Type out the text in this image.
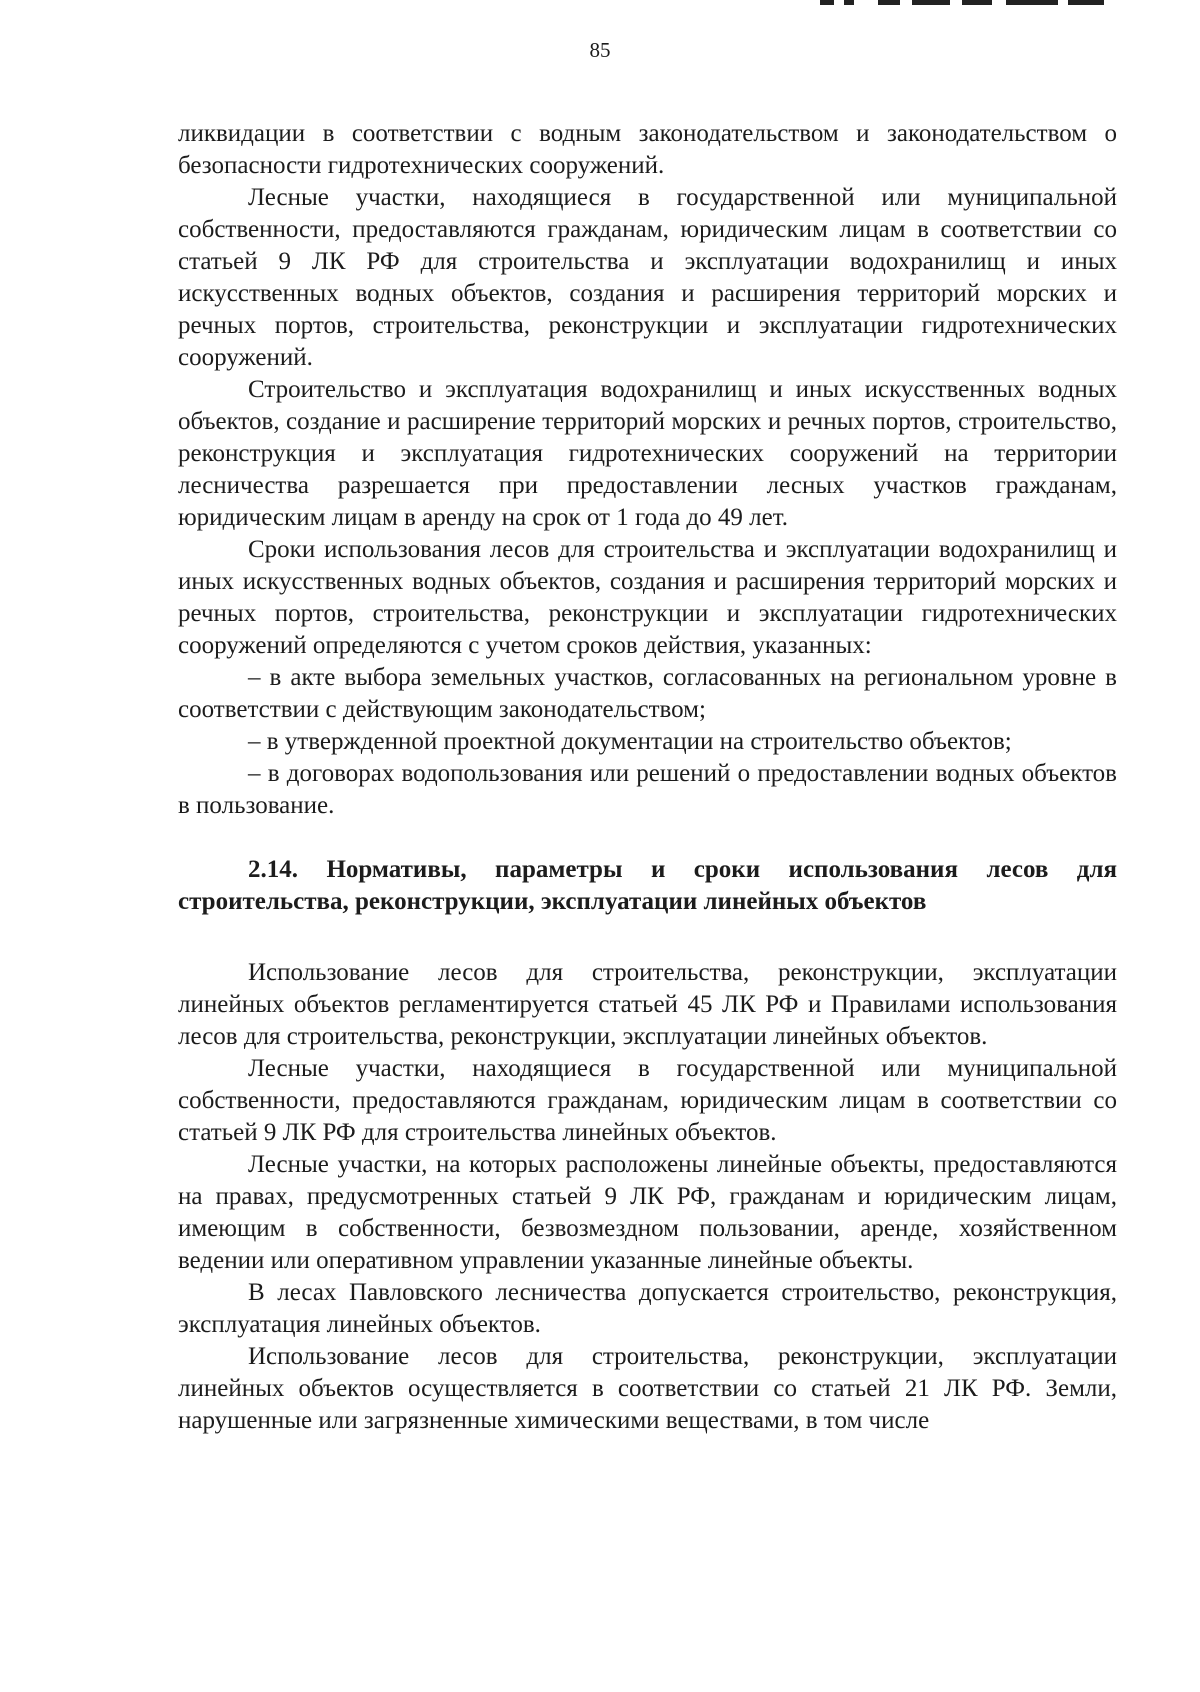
85

ликвидации в соответствии с водным законодательством и законодательством о безопасности гидротехнических сооружений.

Лесные участки, находящиеся в государственной или муниципальной собственности, предоставляются гражданам, юридическим лицам в соответствии со статьей 9 ЛК РФ для строительства и эксплуатации водохранилищ и иных искусственных водных объектов, создания и расширения территорий морских и речных портов, строительства, реконструкции и эксплуатации гидротехнических сооружений.

Строительство и эксплуатация водохранилищ и иных искусственных водных объектов, создание и расширение территорий морских и речных портов, строительство, реконструкция и эксплуатация гидротехнических сооружений на территории лесничества разрешается при предоставлении лесных участков гражданам, юридическим лицам в аренду на срок от 1 года до 49 лет.

Сроки использования лесов для строительства и эксплуатации водохранилищ и иных искусственных водных объектов, создания и расширения территорий морских и речных портов, строительства, реконструкции и эксплуатации гидротехнических сооружений определяются с учетом сроков действия, указанных:

– в акте выбора земельных участков, согласованных на региональном уровне в соответствии с действующим законодательством;

– в утвержденной проектной документации на строительство объектов;

– в договорах водопользования или решений о предоставлении водных объектов в пользование.

2.14. Нормативы, параметры и сроки использования лесов для строительства, реконструкции, эксплуатации линейных объектов

Использование лесов для строительства, реконструкции, эксплуатации линейных объектов регламентируется статьей 45 ЛК РФ и Правилами использования лесов для строительства, реконструкции, эксплуатации линейных объектов.

Лесные участки, находящиеся в государственной или муниципальной собственности, предоставляются гражданам, юридическим лицам в соответствии со статьей 9 ЛК РФ для строительства линейных объектов.

Лесные участки, на которых расположены линейные объекты, предоставляются на правах, предусмотренных статьей 9 ЛК РФ, гражданам и юридическим лицам, имеющим в собственности, безвозмездном пользовании, аренде, хозяйственном ведении или оперативном управлении указанные линейные объекты.

В лесах Павловского лесничества допускается строительство, реконструкция, эксплуатация линейных объектов.

Использование лесов для строительства, реконструкции, эксплуатации линейных объектов осуществляется в соответствии со статьей 21 ЛК РФ. Земли, нарушенные или загрязненные химическими веществами, в том числе
